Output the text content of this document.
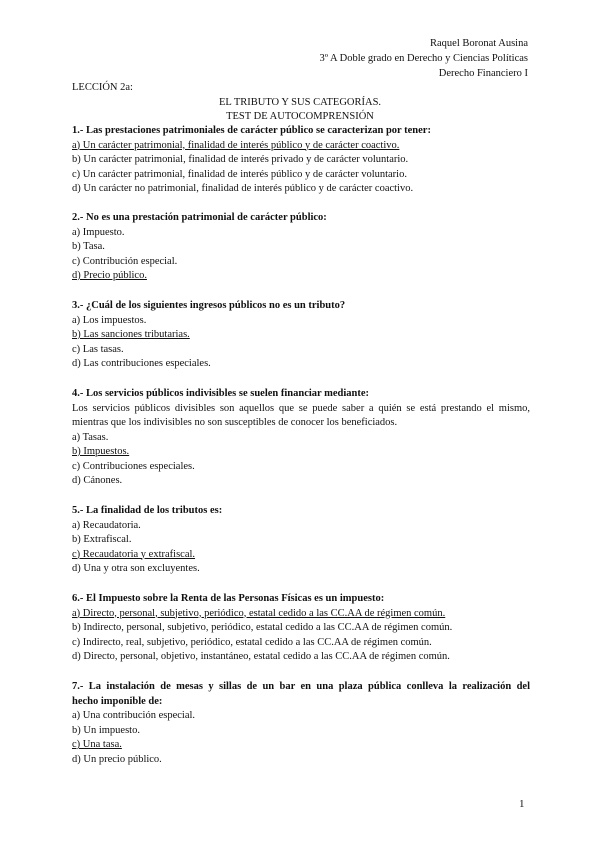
Raquel Boronat Ausina
3º A Doble grado en Derecho y Ciencias Políticas
Derecho Financiero I
LECCIÓN 2a:
EL TRIBUTO Y SUS CATEGORÍAS.
TEST DE AUTOCOMPRENSIÓN
1.- Las prestaciones patrimoniales de carácter público se caracterizan por tener:
a) Un carácter patrimonial, finalidad de interés público y de carácter coactivo.
b) Un carácter patrimonial, finalidad de interés privado y de carácter voluntario.
c) Un carácter patrimonial, finalidad de interés público y de carácter voluntario.
d) Un carácter no patrimonial, finalidad de interés público y de carácter coactivo.
2.- No es una prestación patrimonial de carácter público:
a) Impuesto.
b) Tasa.
c) Contribución especial.
d) Precio público.
3.- ¿Cuál de los siguientes ingresos públicos no es un tributo?
a) Los impuestos.
b) Las sanciones tributarias.
c) Las tasas.
d) Las contribuciones especiales.
4.- Los servicios públicos indivisibles se suelen financiar mediante:
Los servicios públicos divisibles son aquellos que se puede saber a quién se está prestando el mismo, mientras que los indivisibles no son susceptibles de conocer los beneficiados.
a) Tasas.
b) Impuestos.
c) Contribuciones especiales.
d) Cánones.
5.- La finalidad de los tributos es:
a) Recaudatoria.
b) Extrafiscal.
c) Recaudatoria y extrafiscal.
d) Una y otra son excluyentes.
6.- El Impuesto sobre la Renta de las Personas Físicas es un impuesto:
a) Directo, personal, subjetivo, periódico, estatal cedido a las CC.AA de régimen común.
b) Indirecto, personal, subjetivo, periódico, estatal cedido a las CC.AA de régimen común.
c) Indirecto, real, subjetivo, periódico, estatal cedido a las CC.AA de régimen común.
d) Directo, personal, objetivo, instantáneo, estatal cedido a las CC.AA de régimen común.
7.- La instalación de mesas y sillas de un bar en una plaza pública conlleva la realización del
hecho imponible de:
a) Una contribución especial.
b) Un impuesto.
c) Una tasa.
d) Un precio público.
1
